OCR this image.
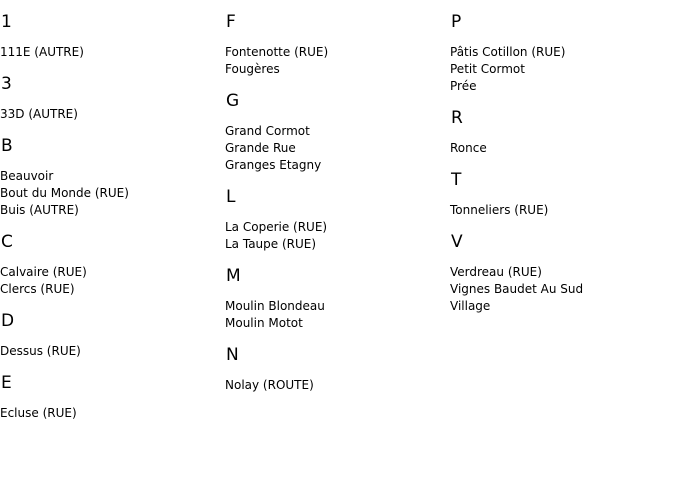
1
111E (AUTRE)
3
33D (AUTRE)
B
Beauvoir
Bout du Monde (RUE)
Buis (AUTRE)
C
Calvaire (RUE)
Clercs (RUE)
D
Dessus (RUE)
E
Ecluse (RUE)
F
Fontenotte (RUE)
Fougères
G
Grand Cormot
Grande Rue
Granges Etagny
L
La Coperie (RUE)
La Taupe (RUE)
M
Moulin Blondeau
Moulin Motot
N
Nolay (ROUTE)
P
Pâtis Cotillon (RUE)
Petit Cormot
Prée
R
Ronce
T
Tonneliers (RUE)
V
Verdreau (RUE)
Vignes Baudet Au Sud
Village
